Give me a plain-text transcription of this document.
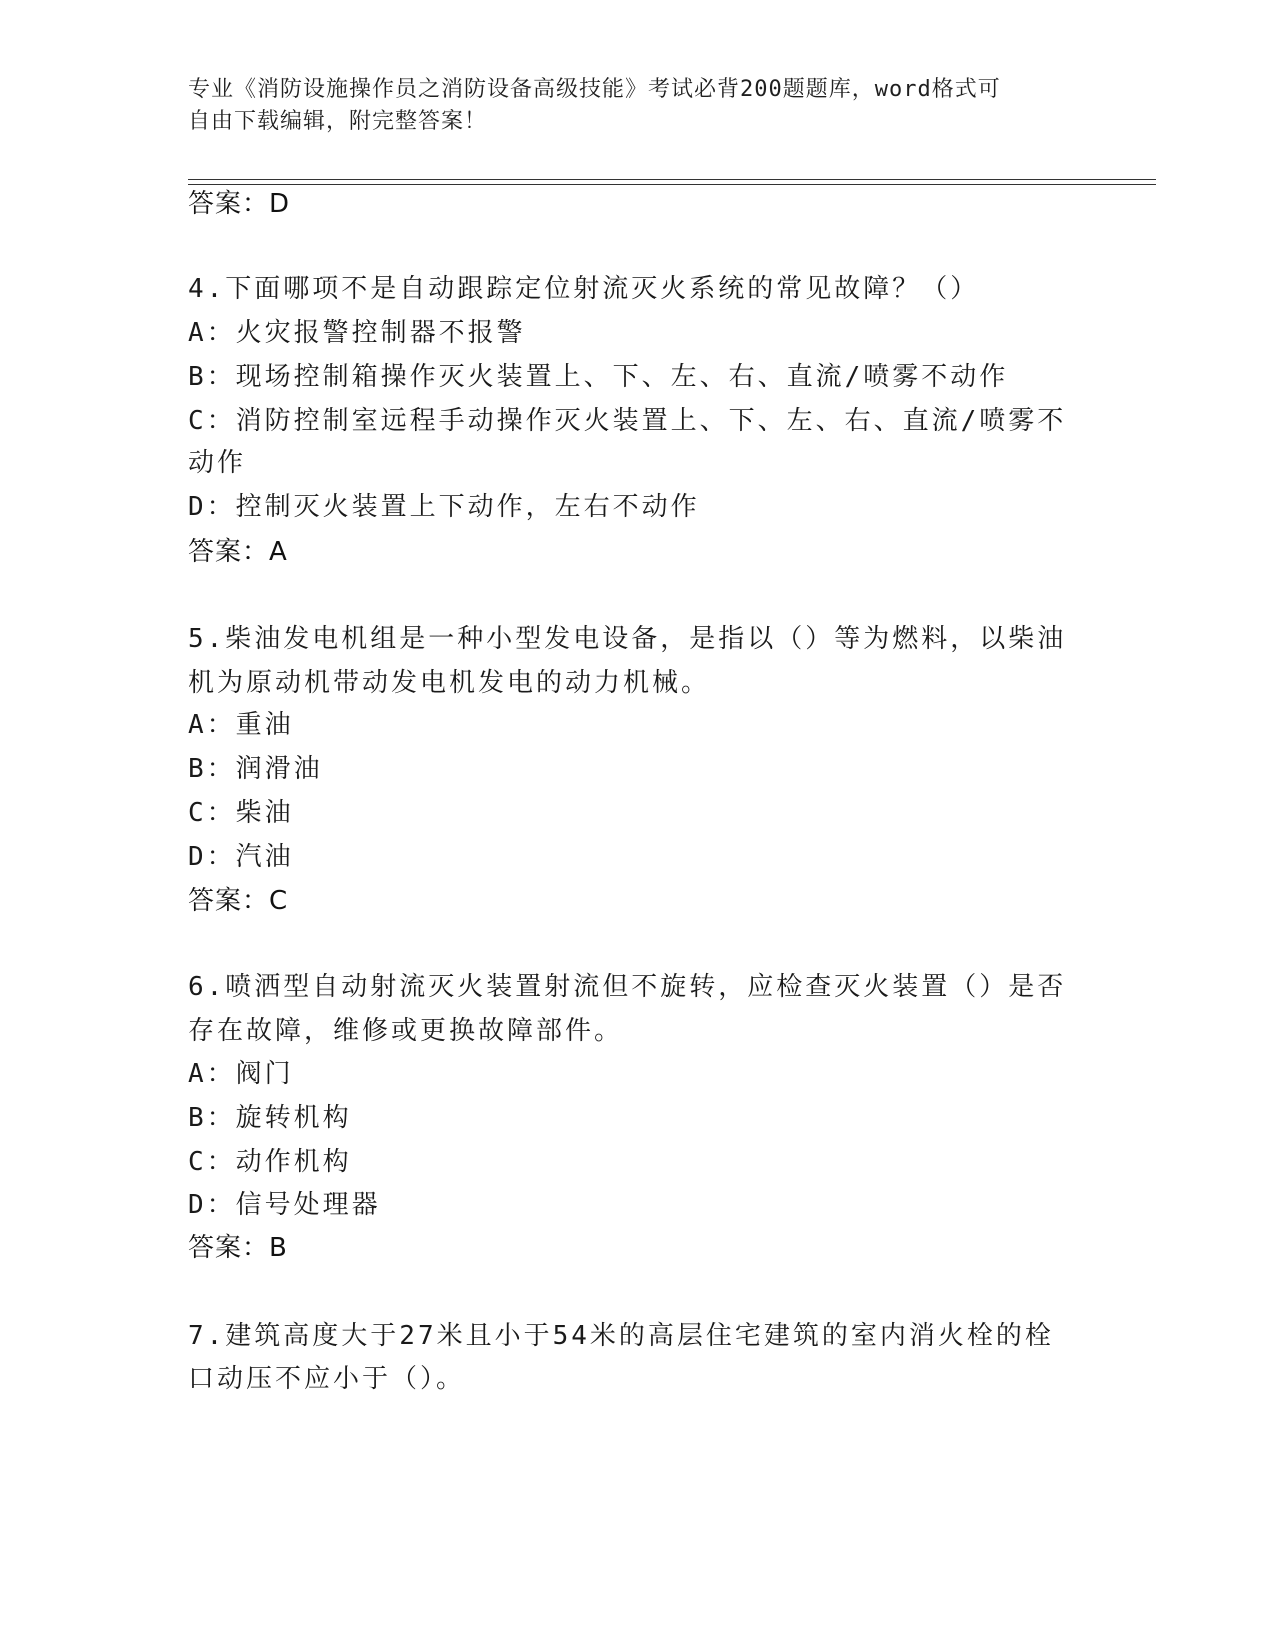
专业《消防设施操作员之消防设备高级技能》考试必背200题题库，word格式可
自由下载编辑，附完整答案！
答案：D
4.下面哪项不是自动跟踪定位射流灭火系统的常见故障？（）
A：火灾报警控制器不报警
B：现场控制箱操作灭火装置上、下、左、右、直流/喷雾不动作
C：消防控制室远程手动操作灭火装置上、下、左、右、直流/喷雾不
动作
D：控制灭火装置上下动作，左右不动作
答案：A
5.柴油发电机组是一种小型发电设备，是指以（）等为燃料，以柴油
机为原动机带动发电机发电的动力机械。
A：重油
B：润滑油
C：柴油
D：汽油
答案：C
6.喷洒型自动射流灭火装置射流但不旋转，应检查灭火装置（）是否
存在故障，维修或更换故障部件。
A：阀门
B：旋转机构
C：动作机构
D：信号处理器
答案：B
7.建筑高度大于27米且小于54米的高层住宅建筑的室内消火栓的栓
口动压不应小于（）。
